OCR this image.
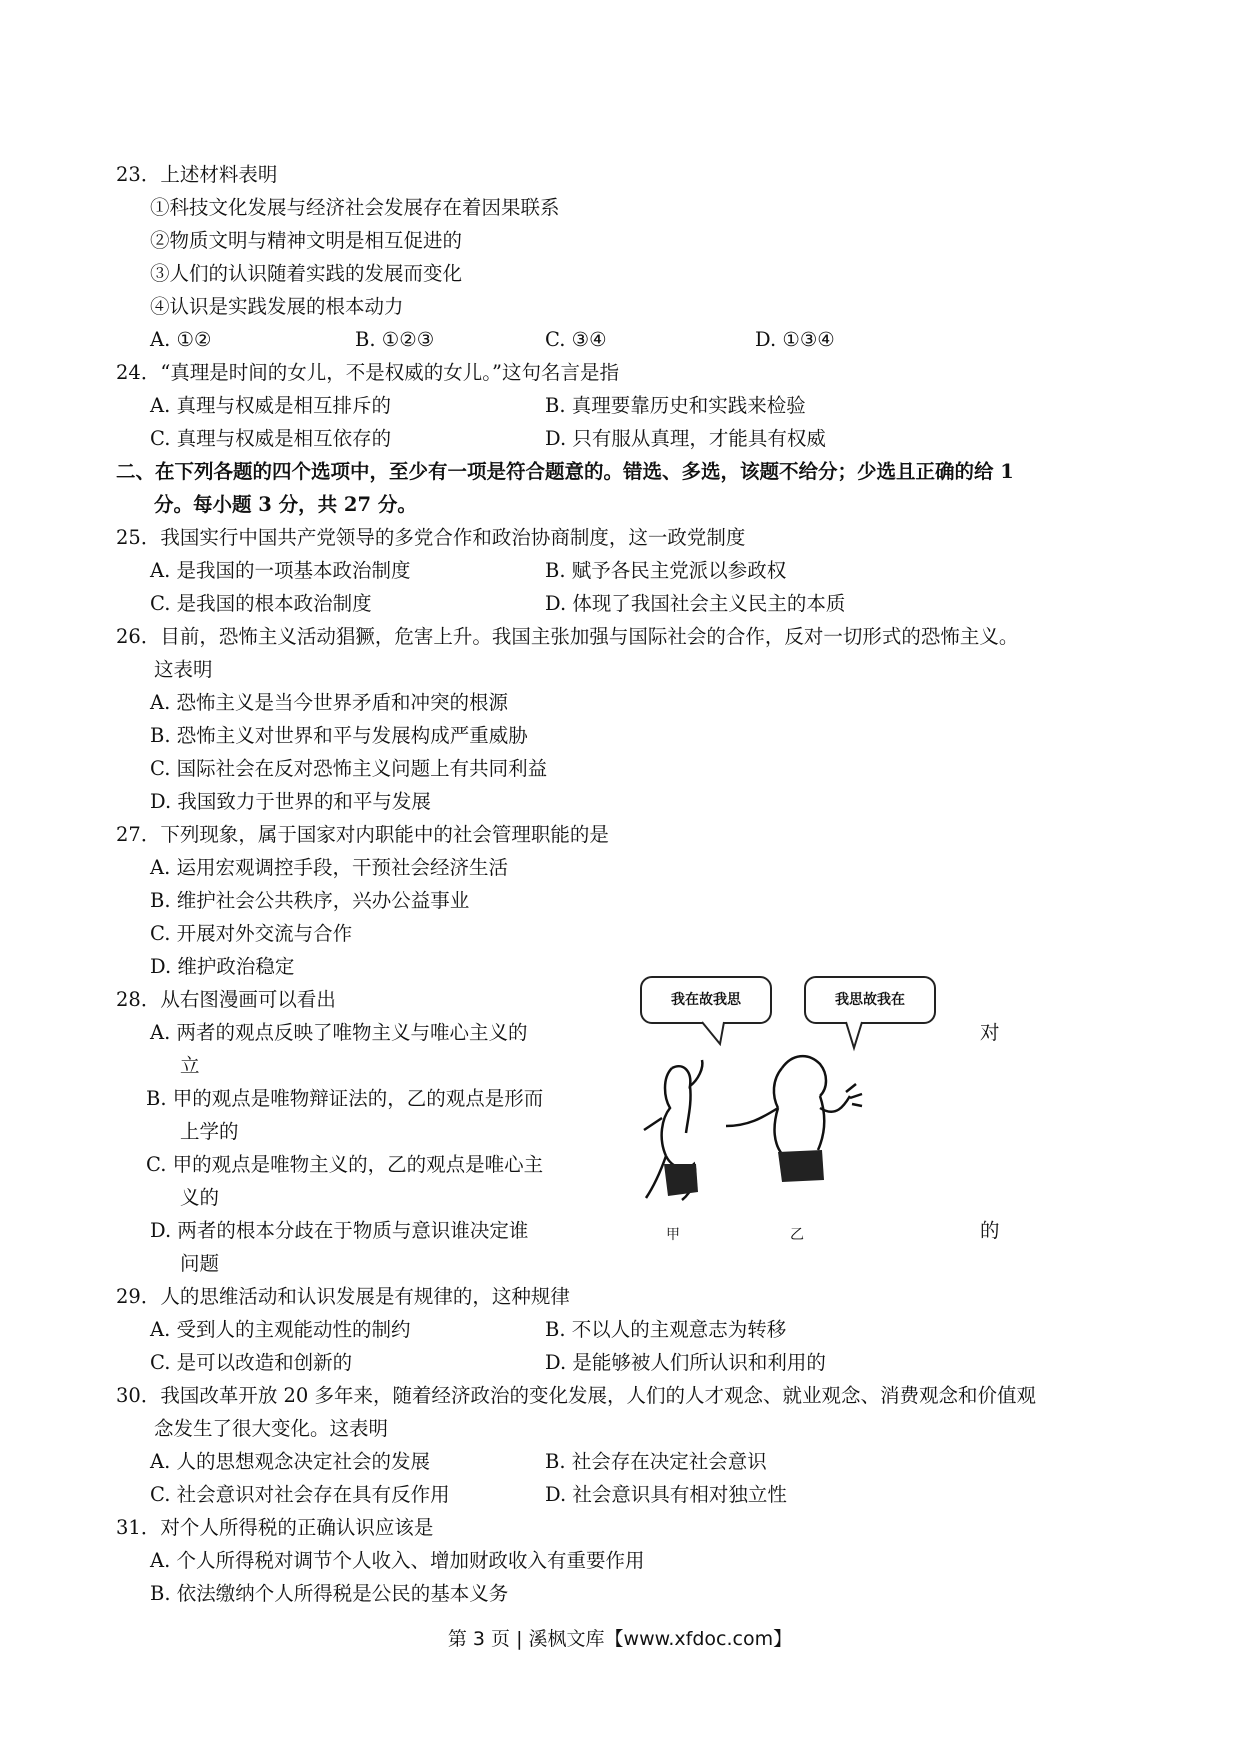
23．上述材料表明
①科技文化发展与经济社会发展存在着因果联系
②物质文明与精神文明是相互促进的
③人们的认识随着实践的发展而变化
④认识是实践发展的根本动力
A. ①②	B. ①②③	C. ③④	D. ①③④
24．“真理是时间的女儿，不是权威的女儿。”这句名言是指
A. 真理与权威是相互排斥的	B. 真理要靠历史和实践来检验
C. 真理与权威是相互依存的	D. 只有服从真理，才能具有权威
二、在下列各题的四个选项中，至少有一项是符合题意的。错选、多选，该题不给分；少选且正确的给 1
分。每小题 3 分，共 27 分。
25．我国实行中国共产党领导的多党合作和政治协商制度，这一政党制度
A. 是我国的一项基本政治制度	B. 赋予各民主党派以参政权
C. 是我国的根本政治制度	D. 体现了我国社会主义民主的本质
26．目前，恐怖主义活动猖獗，危害上升。我国主张加强与国际社会的合作，反对一切形式的恐怖主义。
这表明
A. 恐怖主义是当今世界矛盾和冲突的根源
B. 恐怖主义对世界和平与发展构成严重威胁
C. 国际社会在反对恐怖主义问题上有共同利益
D. 我国致力于世界的和平与发展
27．下列现象，属于国家对内职能中的社会管理职能的是
A. 运用宏观调控手段，干预社会经济生活
B. 维护社会公共秩序，兴办公益事业
C. 开展对外交流与合作
D. 维护政治稳定
28．从右图漫画可以看出
A. 两者的观点反映了唯物主义与唯心主义的	对
立
B. 甲的观点是唯物辩证法的，乙的观点是形而
上学的
C. 甲的观点是唯物主义的，乙的观点是唯心主
义的
D. 两者的根本分歧在于物质与意识谁决定谁	的
问题
我在故我思	我思故我在
甲	乙
29．人的思维活动和认识发展是有规律的，这种规律
A. 受到人的主观能动性的制约	B. 不以人的主观意志为转移
C. 是可以改造和创新的	D. 是能够被人们所认识和利用的
30．我国改革开放 20 多年来，随着经济政治的变化发展，人们的人才观念、就业观念、消费观念和价值观
念发生了很大变化。这表明
A. 人的思想观念决定社会的发展	B. 社会存在决定社会意识
C. 社会意识对社会存在具有反作用	D. 社会意识具有相对独立性
31．对个人所得税的正确认识应该是
A. 个人所得税对调节个人收入、增加财政收入有重要作用
B. 依法缴纳个人所得税是公民的基本义务
第 3 页 | 溪枫文库【www.xfdoc.com】
